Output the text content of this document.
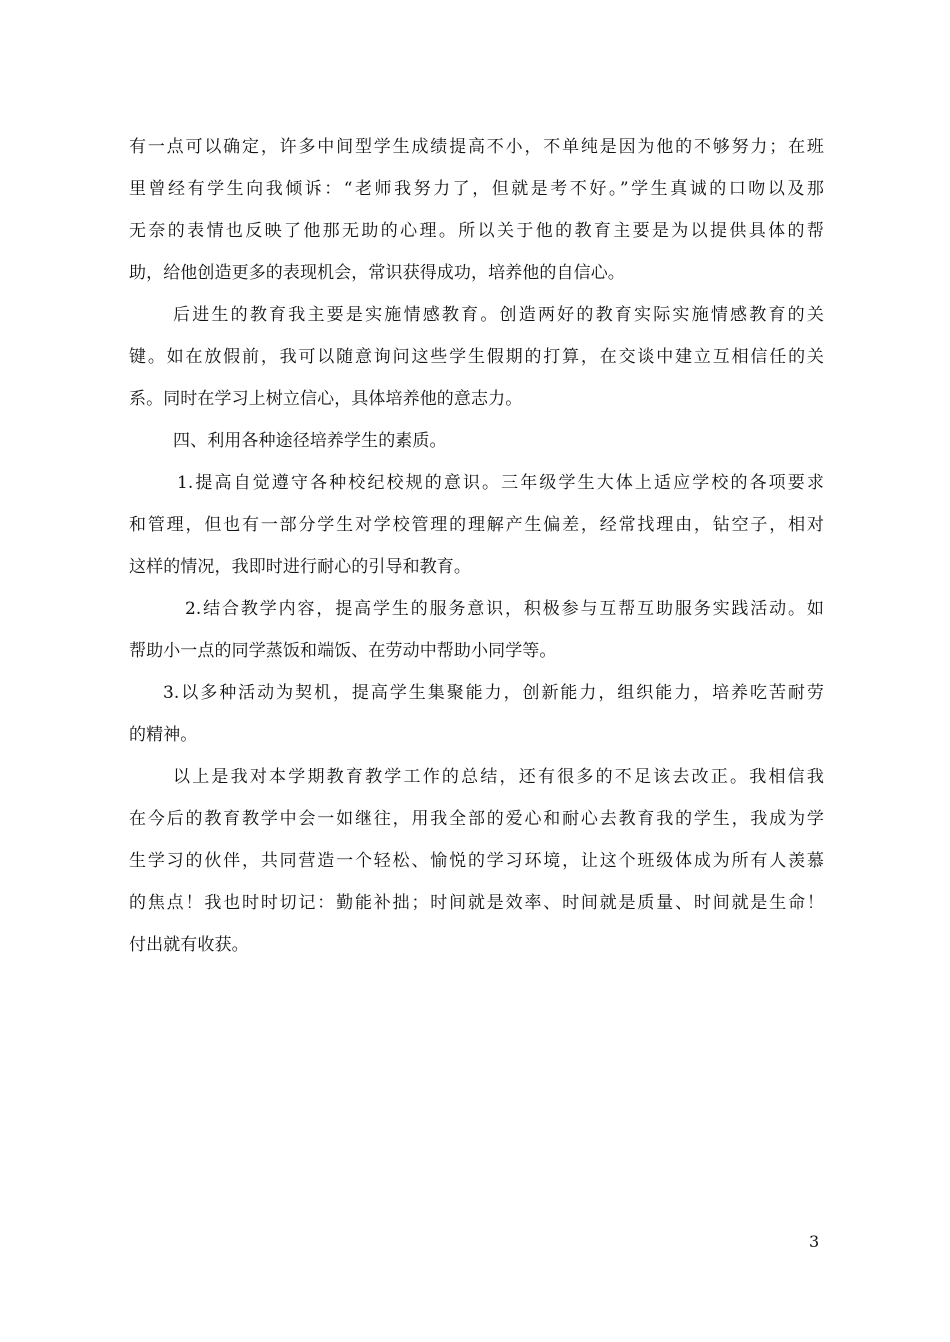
有一点可以确定，许多中间型学生成绩提高不小，不单纯是因为他的不够努力；在班
里曾经有学生向我倾诉：“老师我努力了，但就是考不好。”学生真诚的口吻以及那
无奈的表情也反映了他那无助的心理。所以关于他的教育主要是为以提供具体的帮
助，给他创造更多的表现机会，常识获得成功，培养他的自信心。
后进生的教育我主要是实施情感教育。创造两好的教育实际实施情感教育的关
键。如在放假前，我可以随意询问这些学生假期的打算，在交谈中建立互相信任的关
系。同时在学习上树立信心，具体培养他的意志力。
四、利用各种途径培养学生的素质。
1.提高自觉遵守各种校纪校规的意识。三年级学生大体上适应学校的各项要求
和管理，但也有一部分学生对学校管理的理解产生偏差，经常找理由，钻空子，相对
这样的情况，我即时进行耐心的引导和教育。
2.结合教学内容，提高学生的服务意识，积极参与互帮互助服务实践活动。如
帮助小一点的同学蒸饭和端饭、在劳动中帮助小同学等。
3.以多种活动为契机，提高学生集聚能力，创新能力，组织能力，培养吃苦耐劳
的精神。
以上是我对本学期教育教学工作的总结，还有很多的不足该去改正。我相信我
在今后的教育教学中会一如继往，用我全部的爱心和耐心去教育我的学生，我成为学
生学习的伙伴，共同营造一个轻松、愉悦的学习环境，让这个班级体成为所有人羡慕
的焦点！我也时时切记：勤能补拙；时间就是效率、时间就是质量、时间就是生命！
付出就有收获。
3
